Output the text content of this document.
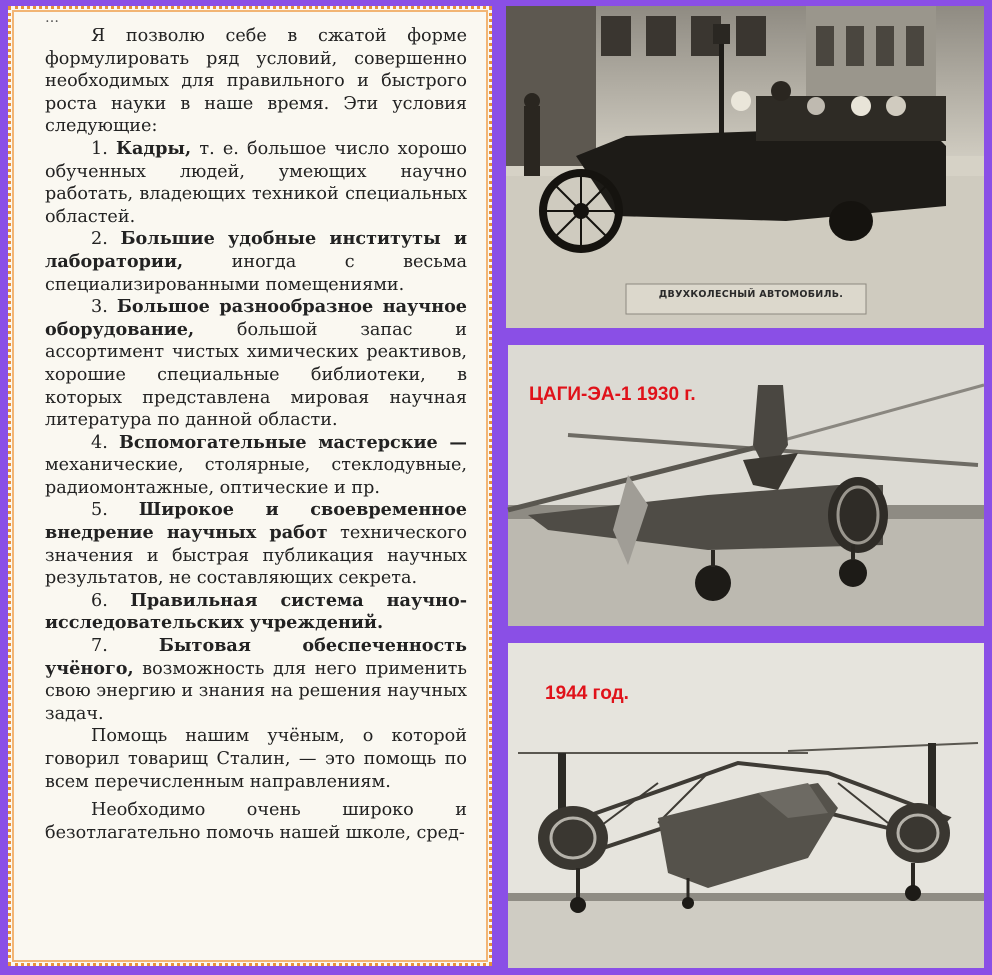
…

Я позволю себе в сжатой форме формулировать ряд условий, совершенно необходимых для правильного и быстрого роста науки в наше время. Эти условия следующие:

1. Кадры, т. е. большое число хорошо обученных людей, умеющих научно работать, владеющих техникой специальных областей.

2. Большие удобные институты и лаборатории, иногда с весьма специализированными помещениями.

3. Большое разнообразное научное оборудование, большой запас и ассортимент чистых химических реактивов, хорошие специальные библиотеки, в которых представлена мировая научная литература по данной области.

4. Вспомогательные мастерские — механические, столярные, стеклодувные, радиомонтажные, оптические и пр.

5. Широкое и своевременное внедрение научных работ технического значения и быстрая публикация научных результатов, не составляющих секрета.

6. Правильная система научно-исследовательских учреждений.

7.	Бытовая обеспеченность учёного, возможность для него применить свою энергию и знания на решения научных задач.

Помощь нашим учёным, о которой говорил товарищ Сталин, — это помощь по всем перечисленным направлениям.

Необходимо очень широко и безотлагательно помочь нашей школе, сред-

ДВУХКОЛЕСНЫЙ АВТОМОБИЛЬ.
ЦАГИ-ЭА-1 1930 г.
1944 год.
